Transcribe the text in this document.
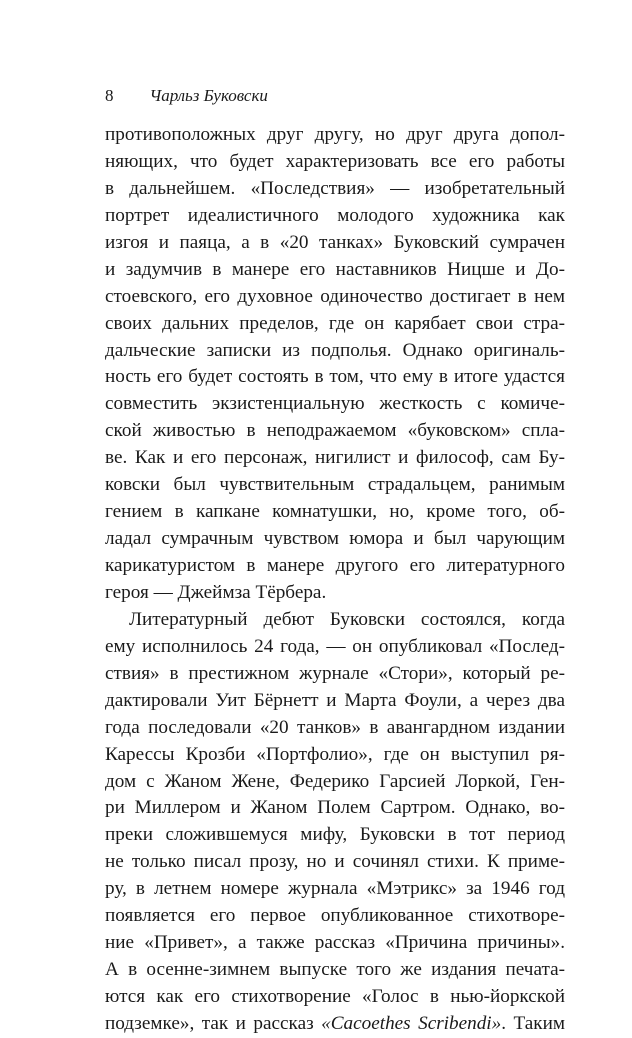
8 Чарльз Буковски
противоположных друг другу, но друг друга допол-
няющих, что будет характеризовать все его работы
в дальнейшем. «Последствия» — изобретательный
портрет идеалистичного молодого художника как
изгоя и паяца, а в «20 танках» Буковский сумрачен
и задумчив в манере его наставников Ницше и До-
стоевского, его духовное одиночество достигает в нем
своих дальних пределов, где он карябает свои стра-
дальческие записки из подполья. Однако оригиналь-
ность его будет состоять в том, что ему в итоге удастся
совместить экзистенциальную жесткость с комиче-
ской живостью в неподражаемом «буковском» спла-
ве. Как и его персонаж, нигилист и философ, сам Бу-
ковски был чувствительным страдальцем, ранимым
гением в капкане комнатушки, но, кроме того, об-
ладал сумрачным чувством юмора и был чарующим
карикатуристом в манере другого его литературного
героя — Джеймза Тёрбера.
Литературный дебют Буковски состоялся, когда
ему исполнилось 24 года, — он опубликовал «Послед-
ствия» в престижном журнале «Стори», который ре-
дактировали Уит Бёрнетт и Марта Фоули, а через два
года последовали «20 танков» в авангардном издании
Карессы Крозби «Портфолио», где он выступил ря-
дом с Жаном Жене, Федерико Гарсией Лоркой, Ген-
ри Миллером и Жаном Полем Сартром. Однако, во-
преки сложившемуся мифу, Буковски в тот период
не только писал прозу, но и сочинял стихи. К приме-
ру, в летнем номере журнала «Мэтрикс» за 1946 год
появляется его первое опубликованное стихотворе-
ние «Привет», а также рассказ «Причина причины».
А в осенне-зимнем выпуске того же издания печата-
ются как его стихотворение «Голос в нью-йоркской
подземке», так и рассказ «Cacoethes Scribendi». Таким
